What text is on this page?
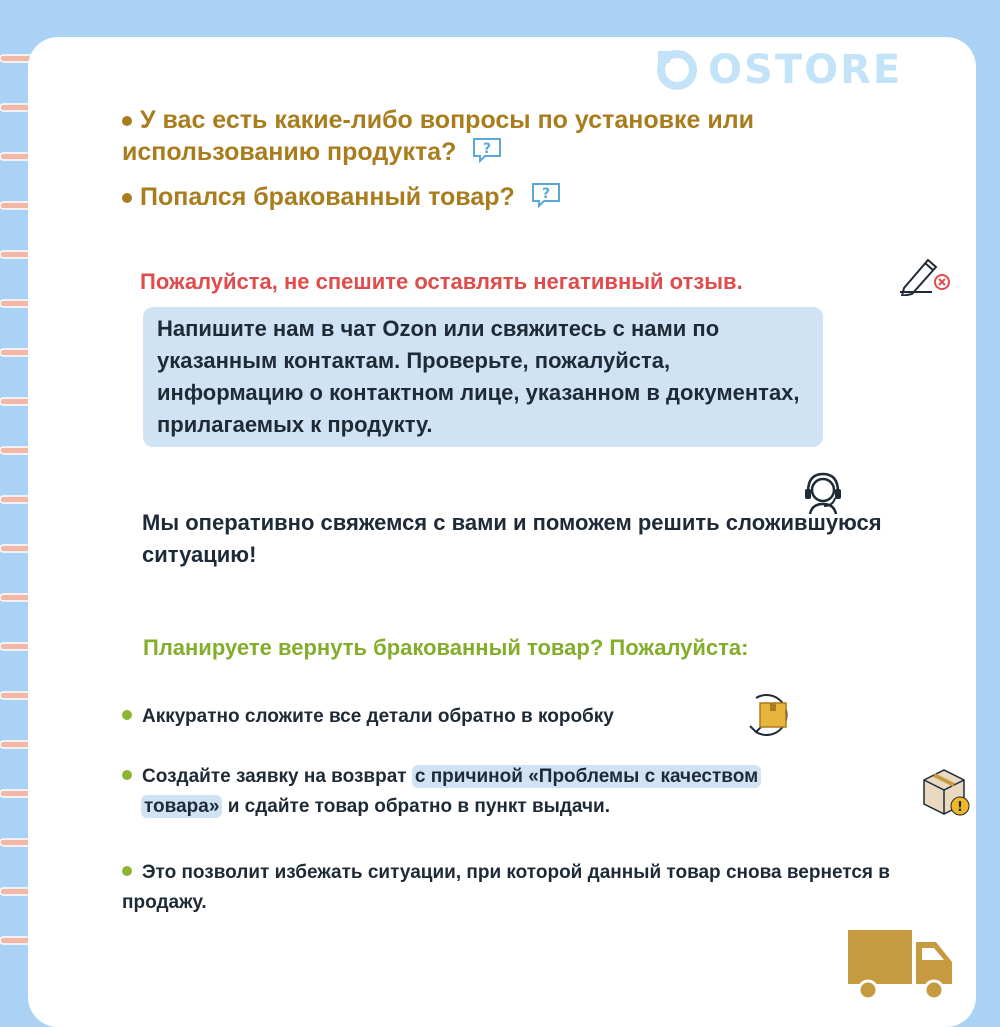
OSTORE

У вас есть какие-либо вопросы по установке или использованию продукта? ?

Попался бракованный товар? ?

Пожалуйста, не спешите оставлять негативный отзыв.

Напишите нам в чат Ozon или свяжитесь с нами по указанным контактам. Проверьте, пожалуйста, информацию о контактном лице, указанном в документах, прилагаемых к продукту.

Мы оперативно свяжемся с вами и поможем решить сложившуюся ситуацию!

Планируете вернуть бракованный товар? Пожалуйста:

Аккуратно сложите все детали обратно в коробку

Создайте заявку на возврат с причиной «Проблемы с качеством

товара» и сдайте товар обратно в пункт выдачи.	!

Это позволит избежать ситуации, при которой данный товар снова вернется в продажу.
